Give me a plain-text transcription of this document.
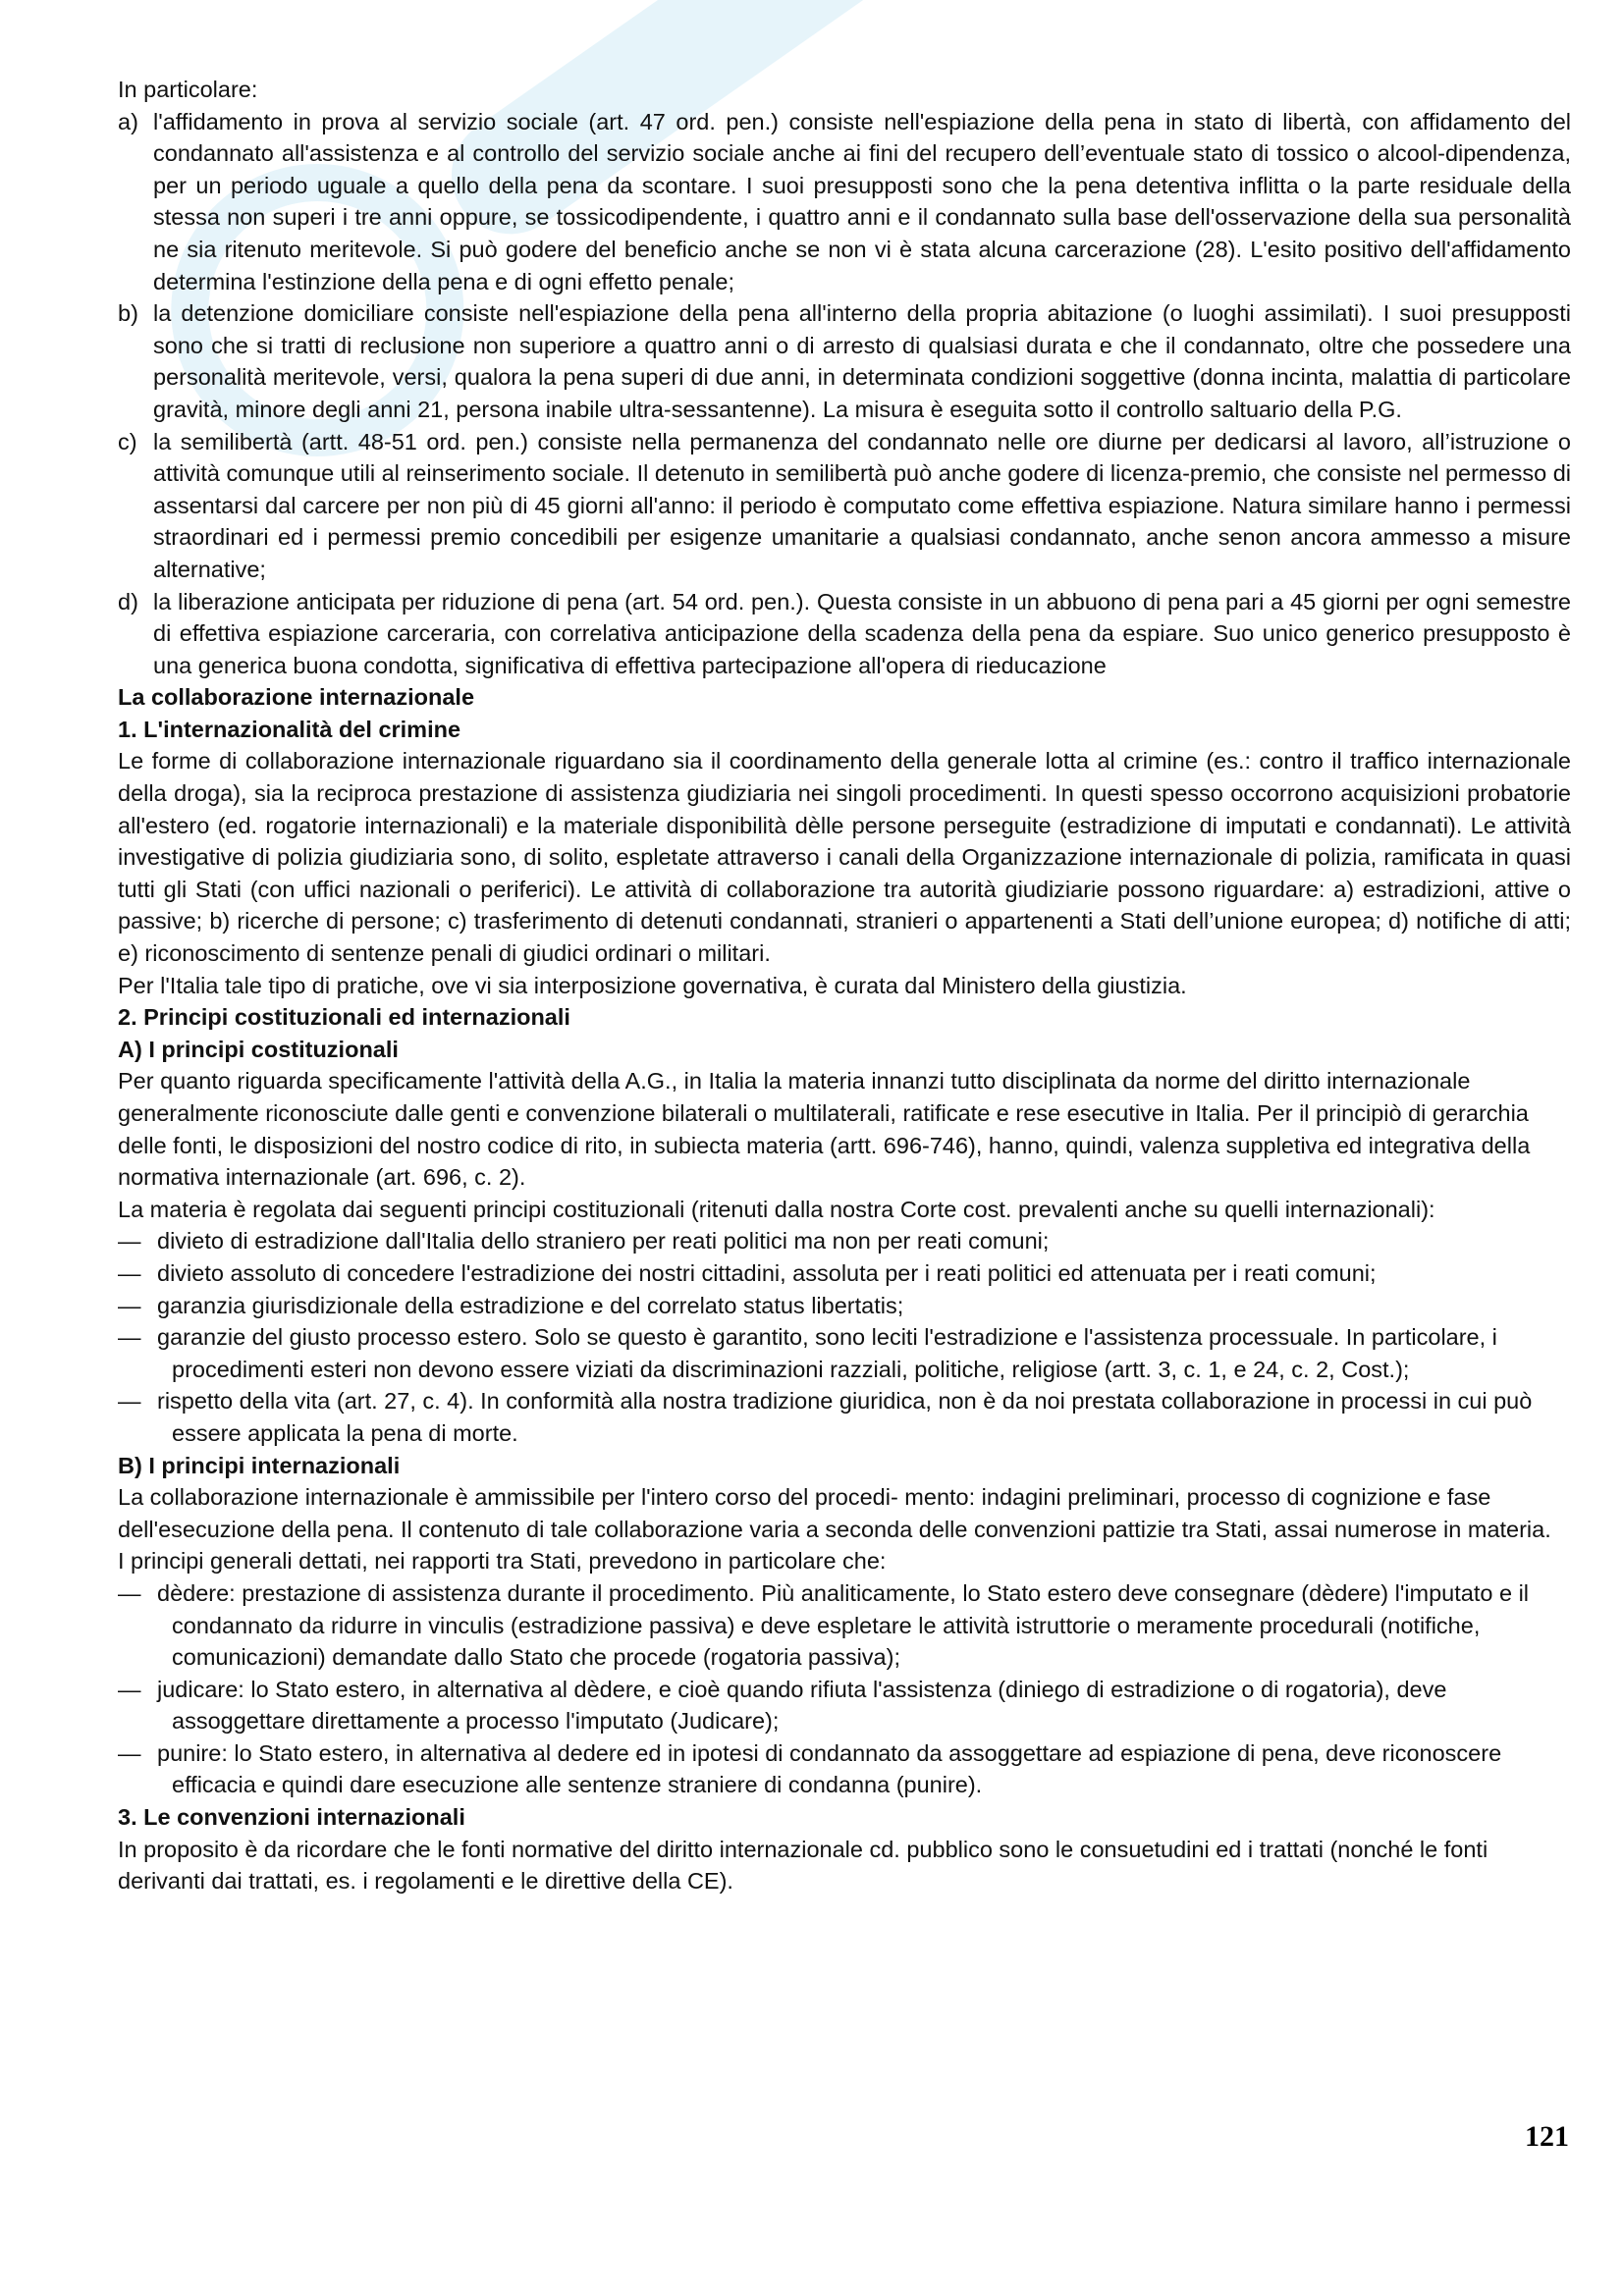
In particolare:

a) l'affidamento in prova al servizio sociale (art. 47 ord. pen.) consiste nell'espiazione della pena in stato di libertà, con affidamento del condannato all'assistenza e al controllo del servizio sociale anche ai fini del recupero dell’eventuale stato di tossico o alcool-dipendenza, per un periodo uguale a quello della pena da scontare. I suoi presupposti sono che la pena detentiva inflitta o la parte residuale della stessa non superi i tre anni oppure, se tossicodipendente, i quattro anni e il condannato sulla base dell'osservazione della sua personalità ne sia ritenuto meritevole. Si può godere del beneficio anche se non vi è stata alcuna carcerazione (28). L'esito positivo dell'affidamento determina l'estinzione della pena e di ogni effetto penale;
b) la detenzione domiciliare consiste nell'espiazione della pena all'interno della propria abitazione (o luoghi assimilati). I suoi presupposti sono che si tratti di reclusione non superiore a quattro anni o di arresto di qualsiasi durata e che il condannato, oltre che possedere una personalità meritevole, versi, qualora la pena superi di due anni, in determinata condizioni soggettive (donna incinta, malattia di particolare gravità, minore degli anni 21, persona inabile ultra-sessantenne). La misura è eseguita sotto il controllo saltuario della P.G.
c) la semilibertà (artt. 48-51 ord. pen.) consiste nella permanenza del condannato nelle ore diurne per dedicarsi al lavoro, all’istruzione o attività comunque utili al reinserimento sociale. Il detenuto in semilibertà può anche godere di licenza-premio, che consiste nel permesso di assentarsi dal carcere per non più di 45 giorni all'anno: il periodo è computato come effettiva espiazione. Natura similare hanno i permessi straordinari ed i permessi premio concedibili per esigenze umanitarie a qualsiasi condannato, anche senon ancora ammesso a misure alternative;
d) la liberazione anticipata per riduzione di pena (art. 54 ord. pen.). Questa consiste in un abbuono di pena pari a 45 giorni per ogni semestre di effettiva espiazione carceraria, con correlativa anticipazione della scadenza della pena da espiare. Suo unico generico presupposto è una generica buona condotta, significativa di effettiva partecipazione all'opera di rieducazione

La collaborazione internazionale

1. L'internazionalità del crimine

Le forme di collaborazione internazionale riguardano sia il coordinamento della generale lotta al crimine (es.: contro il traffico internazionale della droga), sia la reciproca prestazione di assistenza giudiziaria nei singoli procedimenti. In questi spesso occorrono acquisizioni probatorie all'estero (ed. rogatorie internazionali) e la materiale disponibilità dèlle persone perseguite (estradizione di imputati e condannati). Le attività investigative di polizia giudiziaria sono, di solito, espletate attraverso i canali della Organizzazione internazionale di polizia, ramificata in quasi tutti gli Stati (con uffici nazionali o periferici). Le attività di collaborazione tra autorità giudiziarie possono riguardare: a) estradizioni, attive o passive; b) ricerche di persone; c) trasferimento di detenuti condannati, stranieri o appartenenti a Stati dell’unione europea; d) notifiche di atti; e) riconoscimento di sentenze penali di giudici ordinari o militari.

Per l'Italia tale tipo di pratiche, ove vi sia interposizione governativa, è curata dal Ministero della giustizia.

2. Principi costituzionali ed internazionali

A) I principi costituzionali

Per quanto riguarda specificamente l'attività della A.G., in Italia la materia innanzi tutto disciplinata da norme del diritto internazionale generalmente riconosciute dalle genti e convenzione bilaterali o multilaterali, ratificate e rese esecutive in Italia. Per il principiò di gerarchia delle fonti, le disposizioni del nostro codice di rito, in subiecta materia (artt. 696-746), hanno, quindi, valenza suppletiva ed integrativa della normativa internazionale (art. 696, c. 2).

La materia è regolata dai seguenti principi costituzionali (ritenuti dalla nostra Corte cost. prevalenti anche su quelli internazionali):

— divieto di estradizione dall'Italia dello straniero per reati politici ma non per reati comuni;
— divieto assoluto di concedere l'estradizione dei nostri cittadini, assoluta per i reati politici ed attenuata per i reati comuni;
— garanzia giurisdizionale della estradizione e del correlato status libertatis;
— garanzie del giusto processo estero. Solo se questo è garantito, sono leciti l'estradizione e l'assistenza processuale. In particolare, i procedimenti esteri non devono essere viziati da discriminazioni razziali, politiche, religiose (artt. 3, c. 1, e 24, c. 2, Cost.);
— rispetto della vita (art. 27, c. 4). In conformità alla nostra tradizione giuridica, non è da noi prestata collaborazione in processi in cui può essere applicata la pena di morte.

B) I principi internazionali

La collaborazione internazionale è ammissibile per l'intero corso del procedi- mento: indagini preliminari, processo di cognizione e fase dell'esecuzione della pena. Il contenuto di tale collaborazione varia a seconda delle convenzioni pattizie tra Stati, assai numerose in materia.

I principi generali dettati, nei rapporti tra Stati, prevedono in particolare che:

— dèdere: prestazione di assistenza durante il procedimento. Più analiticamente, lo Stato estero deve consegnare (dèdere) l'imputato e il condannato da ridurre in vinculis (estradizione passiva) e deve espletare le attività istruttorie o meramente procedurali (notifiche, comunicazioni) demandate dallo Stato che procede (rogatoria passiva);
— judicare: lo Stato estero, in alternativa al dèdere, e cioè quando rifiuta l'assistenza (diniego di estradizione o di rogatoria), deve assoggettare direttamente a processo l'imputato (Judicare);
— punire: lo Stato estero, in alternativa al dedere ed in ipotesi di condannato da assoggettare ad espiazione di pena, deve riconoscere efficacia e quindi dare esecuzione alle sentenze straniere di condanna (punire).

3. Le convenzioni internazionali

In proposito è da ricordare che le fonti normative del diritto internazionale cd. pubblico sono le consuetudini ed i trattati (nonché le fonti derivanti dai trattati, es. i regolamenti e le direttive della CE).

121
